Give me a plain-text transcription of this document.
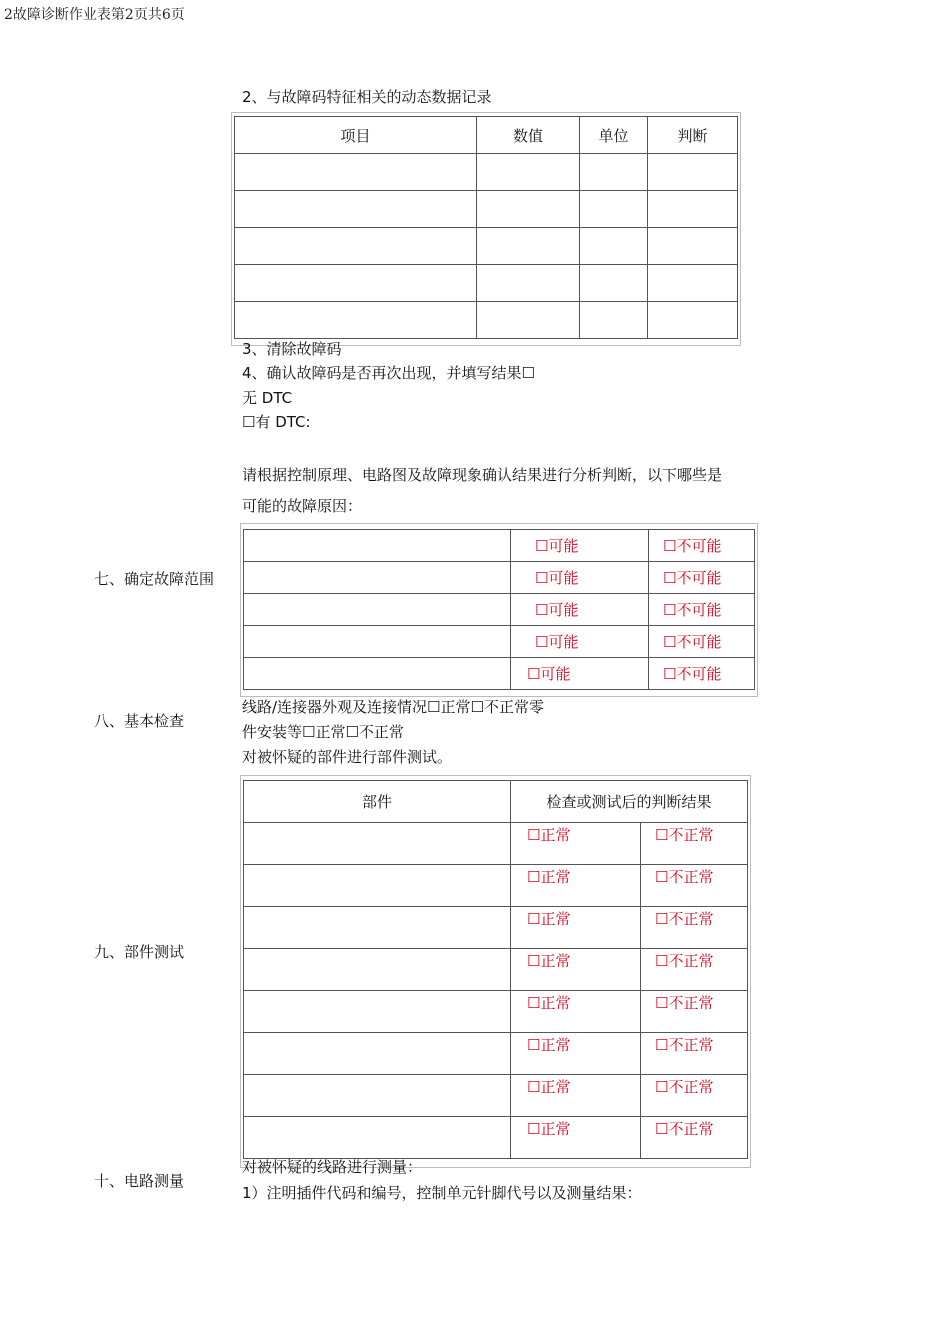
2故障诊断作业表第2页共6页
2、与故障码特征相关的动态数据记录
项目	数值	单位	判断

3、清除故障码
4、确认故障码是否再次出现，并填写结果☐
无 DTC
☐有 DTC:
请根据控制原理、电路图及故障现象确认结果进行分析判断，以下哪些是
可能的故障原因：
七、确定故障范围
	☐可能	☐不可能
	☐可能	☐不可能
	☐可能	☐不可能
	☐可能	☐不可能
	☐可能	☐不可能
八、基本检查
线路/连接器外观及连接情况☐正常☐不正常零
件安装等☐正常☐不正常
对被怀疑的部件进行部件测试。
九、部件测试
部件	检查或测试后的判断结果	
	☐正常	☐不正常
	☐正常	☐不正常
	☐正常	☐不正常
	☐正常	☐不正常
	☐正常	☐不正常
	☐正常	☐不正常
	☐正常	☐不正常
	☐正常	☐不正常
十、电路测量
对被怀疑的线路进行测量：
1）注明插件代码和编号，控制单元针脚代号以及测量结果：
